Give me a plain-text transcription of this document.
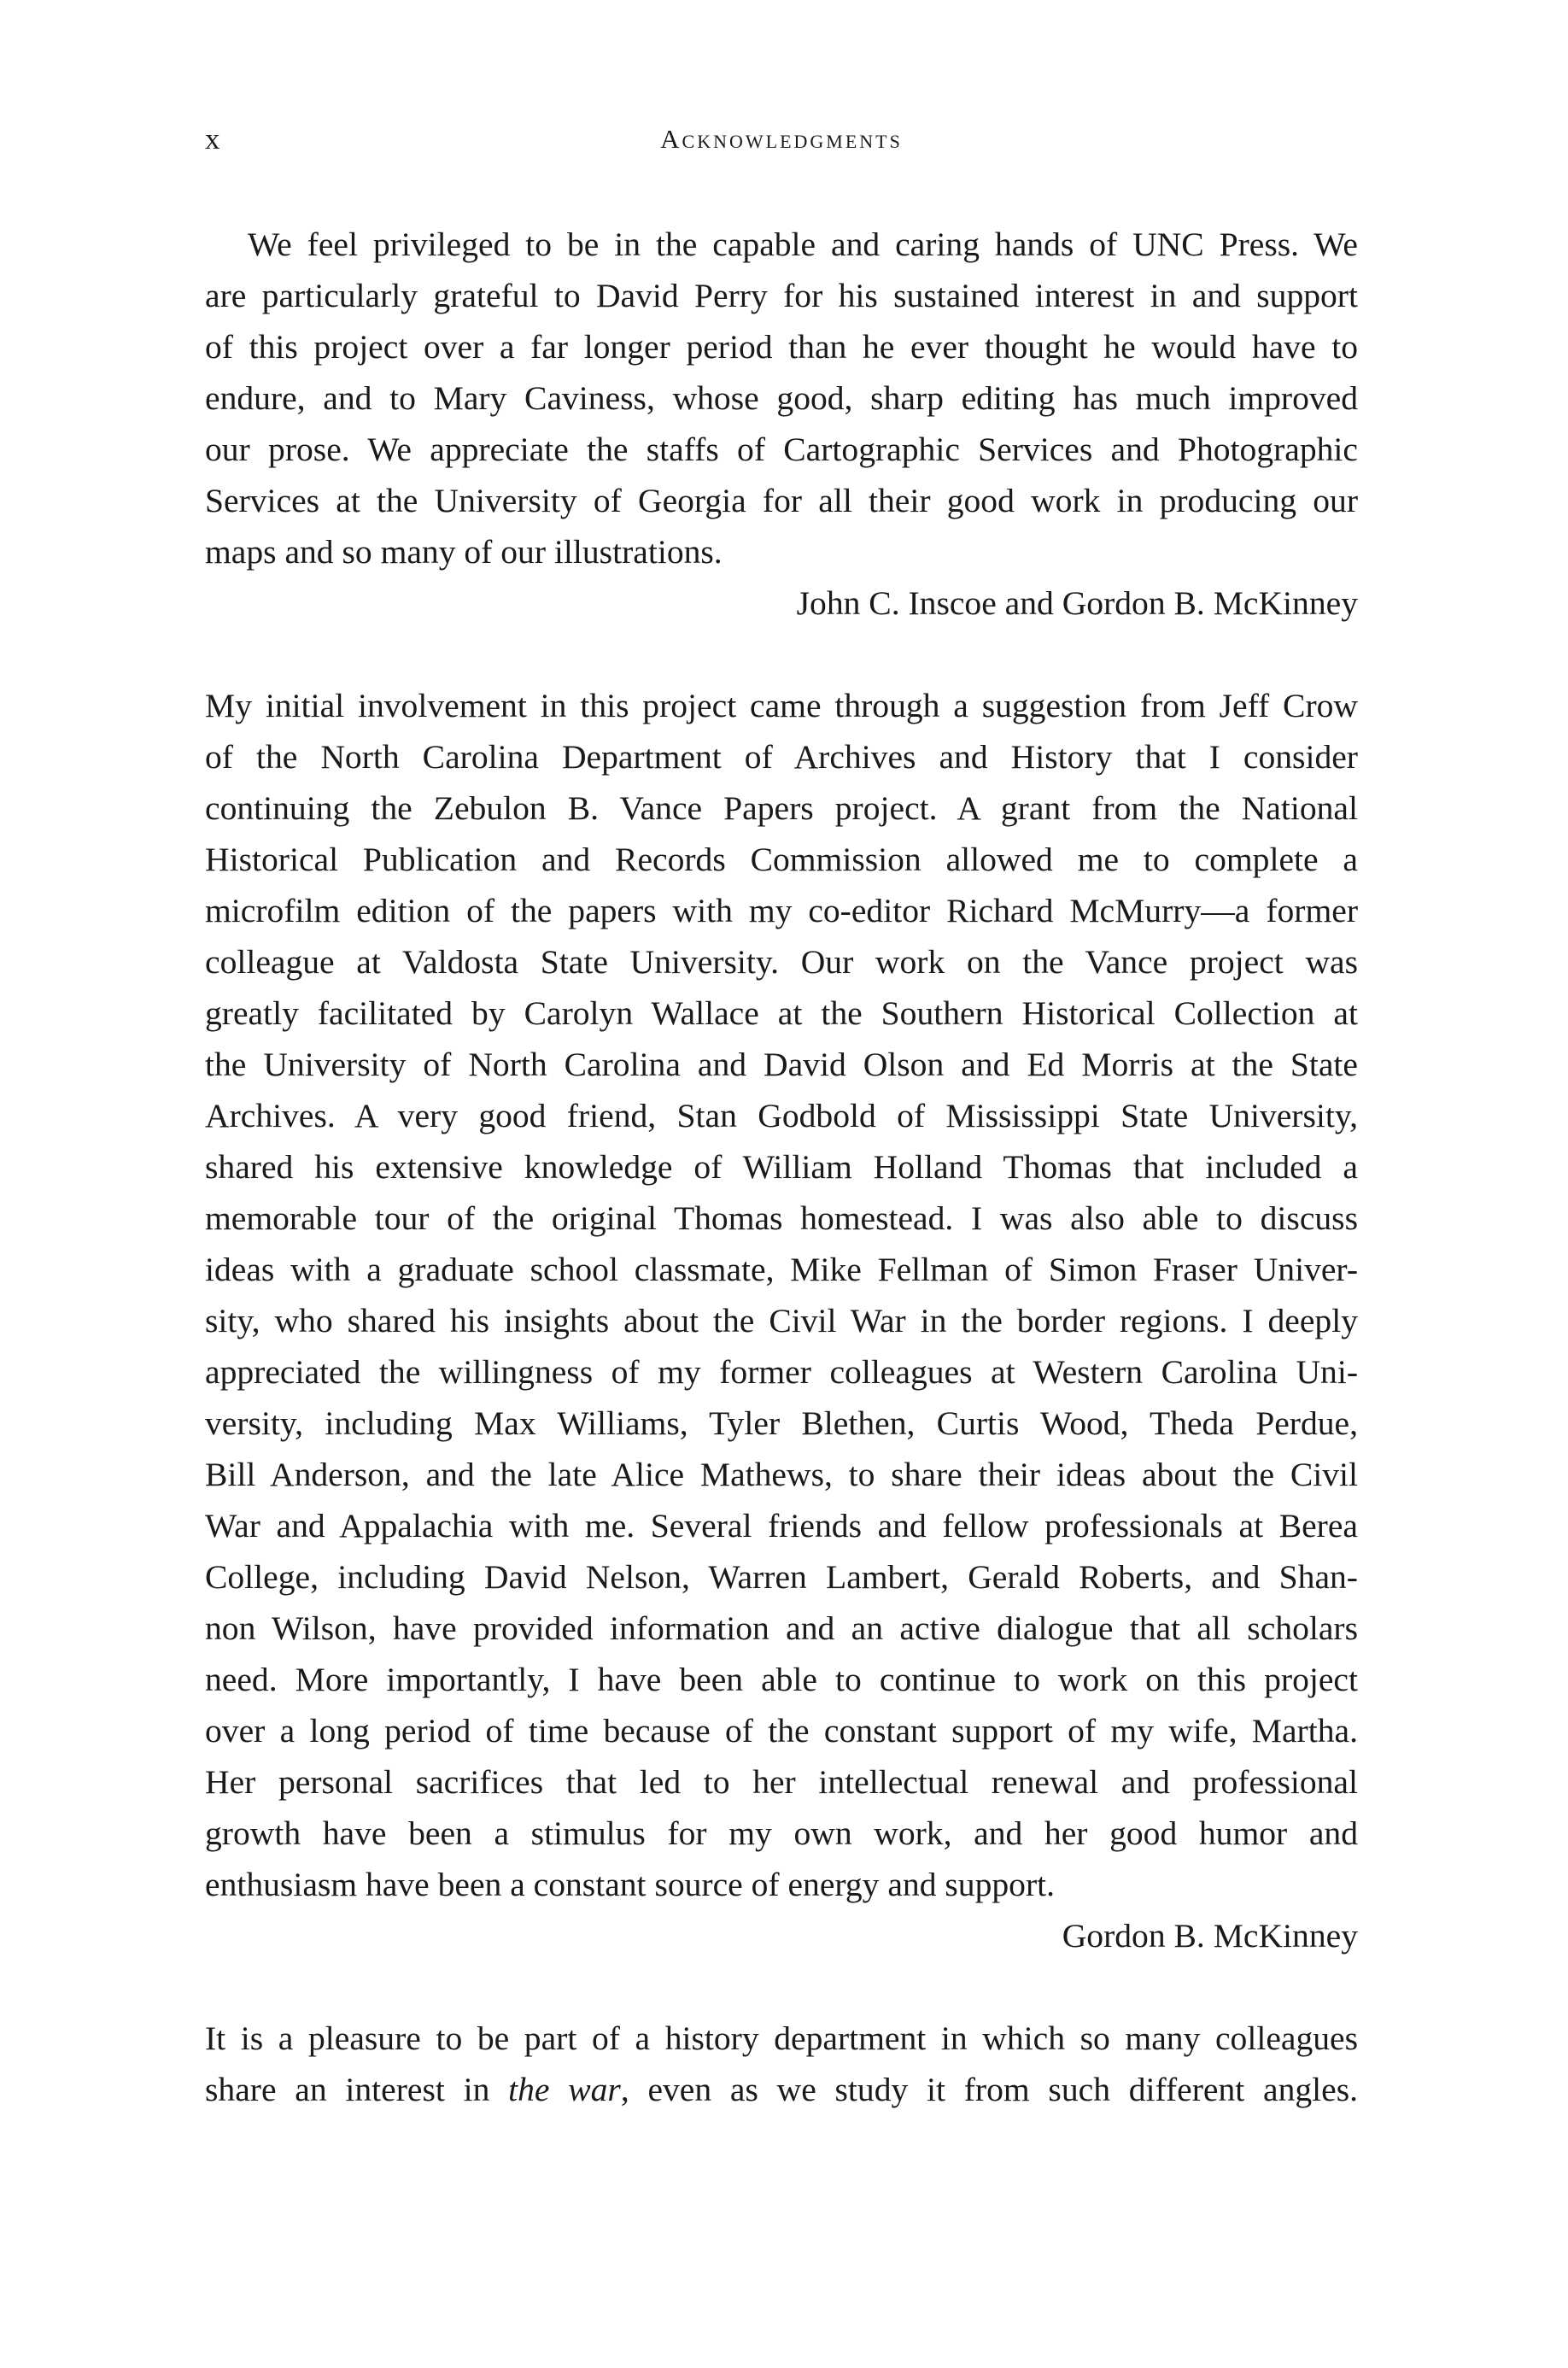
x	Acknowledgments
We feel privileged to be in the capable and caring hands of UNC Press. We
are particularly grateful to David Perry for his sustained interest in and support
of this project over a far longer period than he ever thought he would have to
endure, and to Mary Caviness, whose good, sharp editing has much improved
our prose. We appreciate the staffs of Cartographic Services and Photographic
Services at the University of Georgia for all their good work in producing our
maps and so many of our illustrations.
John C. Inscoe and Gordon B. McKinney
My initial involvement in this project came through a suggestion from Jeff Crow
of the North Carolina Department of Archives and History that I consider
continuing the Zebulon B. Vance Papers project. A grant from the National
Historical Publication and Records Commission allowed me to complete a
microfilm edition of the papers with my co-editor Richard McMurry—a former
colleague at Valdosta State University. Our work on the Vance project was
greatly facilitated by Carolyn Wallace at the Southern Historical Collection at
the University of North Carolina and David Olson and Ed Morris at the State
Archives. A very good friend, Stan Godbold of Mississippi State University,
shared his extensive knowledge of William Holland Thomas that included a
memorable tour of the original Thomas homestead. I was also able to discuss
ideas with a graduate school classmate, Mike Fellman of Simon Fraser Univer-
sity, who shared his insights about the Civil War in the border regions. I deeply
appreciated the willingness of my former colleagues at Western Carolina Uni-
versity, including Max Williams, Tyler Blethen, Curtis Wood, Theda Perdue,
Bill Anderson, and the late Alice Mathews, to share their ideas about the Civil
War and Appalachia with me. Several friends and fellow professionals at Berea
College, including David Nelson, Warren Lambert, Gerald Roberts, and Shan-
non Wilson, have provided information and an active dialogue that all scholars
need. More importantly, I have been able to continue to work on this project
over a long period of time because of the constant support of my wife, Martha.
Her personal sacrifices that led to her intellectual renewal and professional
growth have been a stimulus for my own work, and her good humor and
enthusiasm have been a constant source of energy and support.
Gordon B. McKinney
It is a pleasure to be part of a history department in which so many colleagues
share an interest in the war, even as we study it from such different angles.
